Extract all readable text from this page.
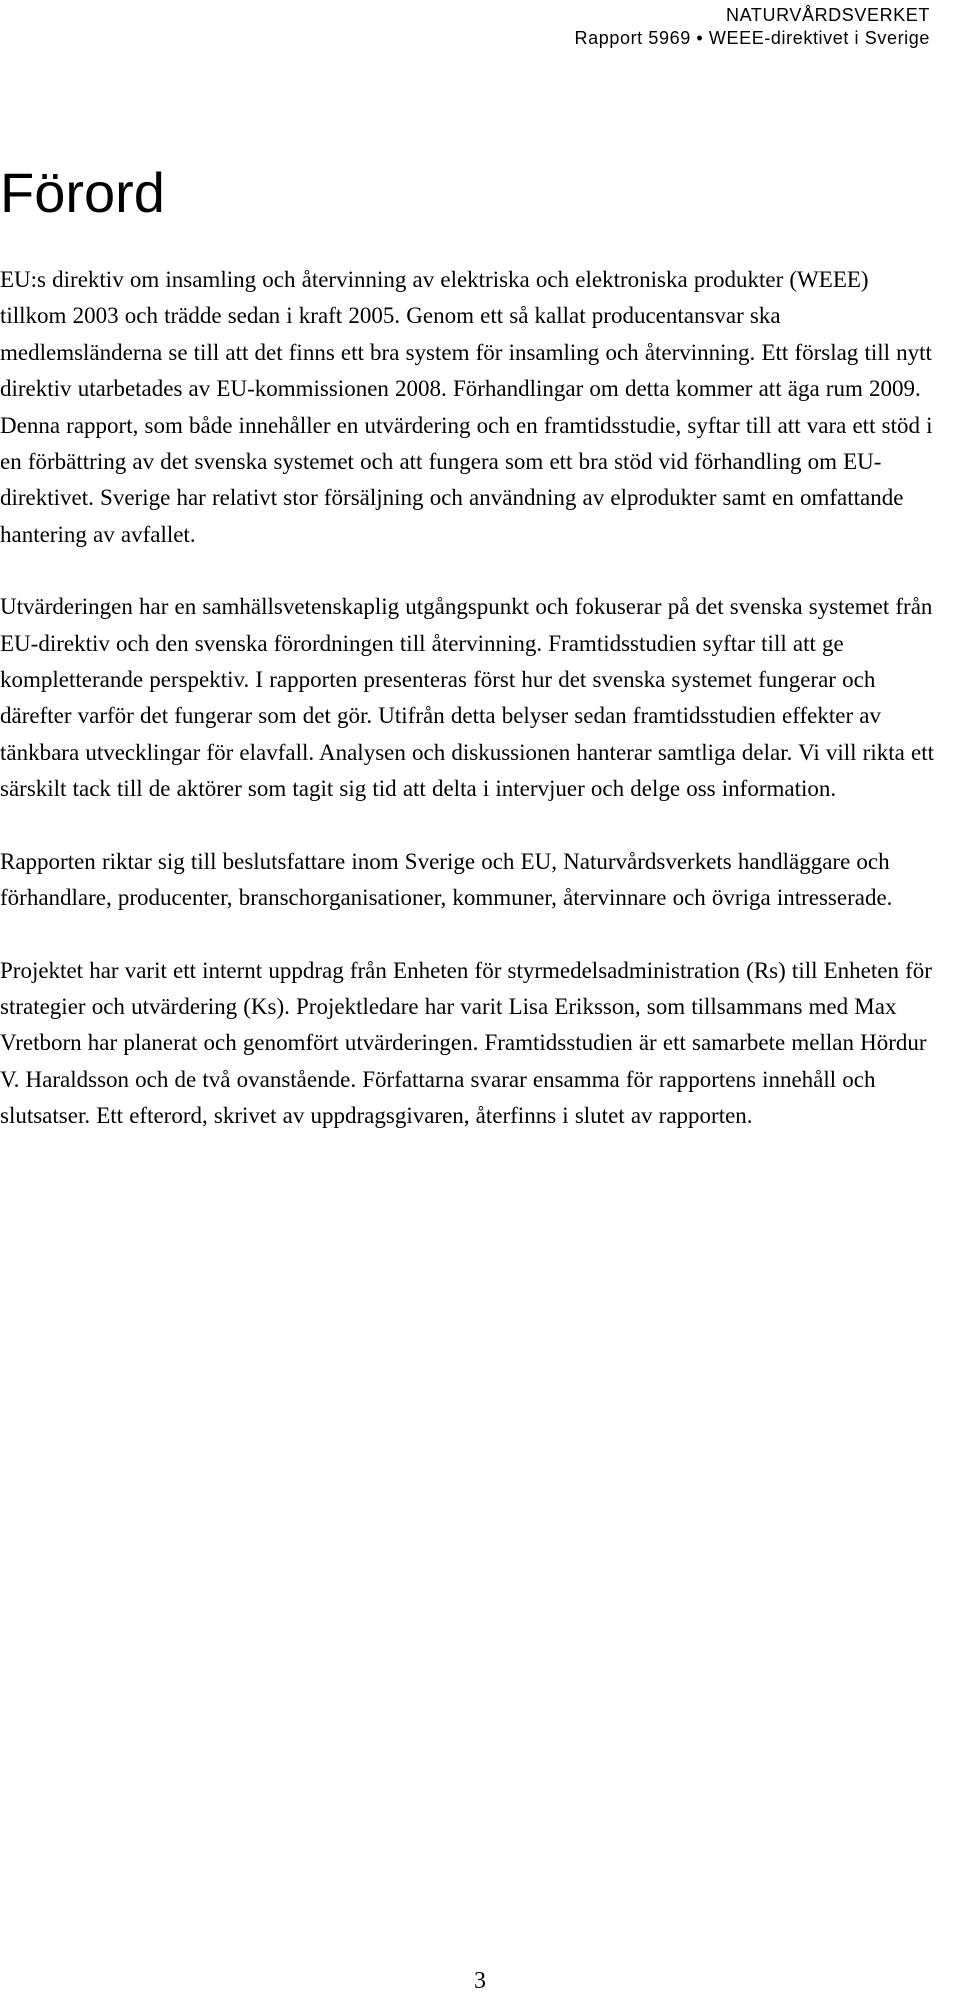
NATURVÅRDSVERKET
Rapport 5969 • WEEE-direktivet i Sverige
Förord

EU:s direktiv om insamling och återvinning av elektriska och elektroniska produkter (WEEE) tillkom 2003 och trädde sedan i kraft 2005. Genom ett så kallat producentansvar ska medlemsländerna se till att det finns ett bra system för insamling och återvinning. Ett förslag till nytt direktiv utarbetades av EU-kommissionen 2008. Förhandlingar om detta kommer att äga rum 2009. Denna rapport, som både innehåller en utvärdering och en framtidsstudie, syftar till att vara ett stöd i en förbättring av det svenska systemet och att fungera som ett bra stöd vid förhandling om EU-direktivet. Sverige har relativt stor försäljning och användning av elprodukter samt en omfattande hantering av avfallet.

Utvärderingen har en samhällsvetenskaplig utgångspunkt och fokuserar på det svenska systemet från EU-direktiv och den svenska förordningen till återvinning. Framtidsstudien syftar till att ge kompletterande perspektiv. I rapporten presenteras först hur det svenska systemet fungerar och därefter varför det fungerar som det gör. Utifrån detta belyser sedan framtidsstudien effekter av tänkbara utvecklingar för elavfall. Analysen och diskussionen hanterar samtliga delar. Vi vill rikta ett särskilt tack till de aktörer som tagit sig tid att delta i intervjuer och delge oss information.

Rapporten riktar sig till beslutsfattare inom Sverige och EU, Naturvårdsverkets handläggare och förhandlare, producenter, branschorganisationer, kommuner, återvinnare och övriga intresserade.

Projektet har varit ett internt uppdrag från Enheten för styrmedelsadministration (Rs) till Enheten för strategier och utvärdering (Ks). Projektledare har varit Lisa Eriksson, som tillsammans med Max Vretborn har planerat och genomfört utvärderingen. Framtidsstudien är ett samarbete mellan Hördur V. Haraldsson och de två ovanstående. Författarna svarar ensamma för rapportens innehåll och slutsatser. Ett efterord, skrivet av uppdragsgivaren, återfinns i slutet av rapporten.

3
